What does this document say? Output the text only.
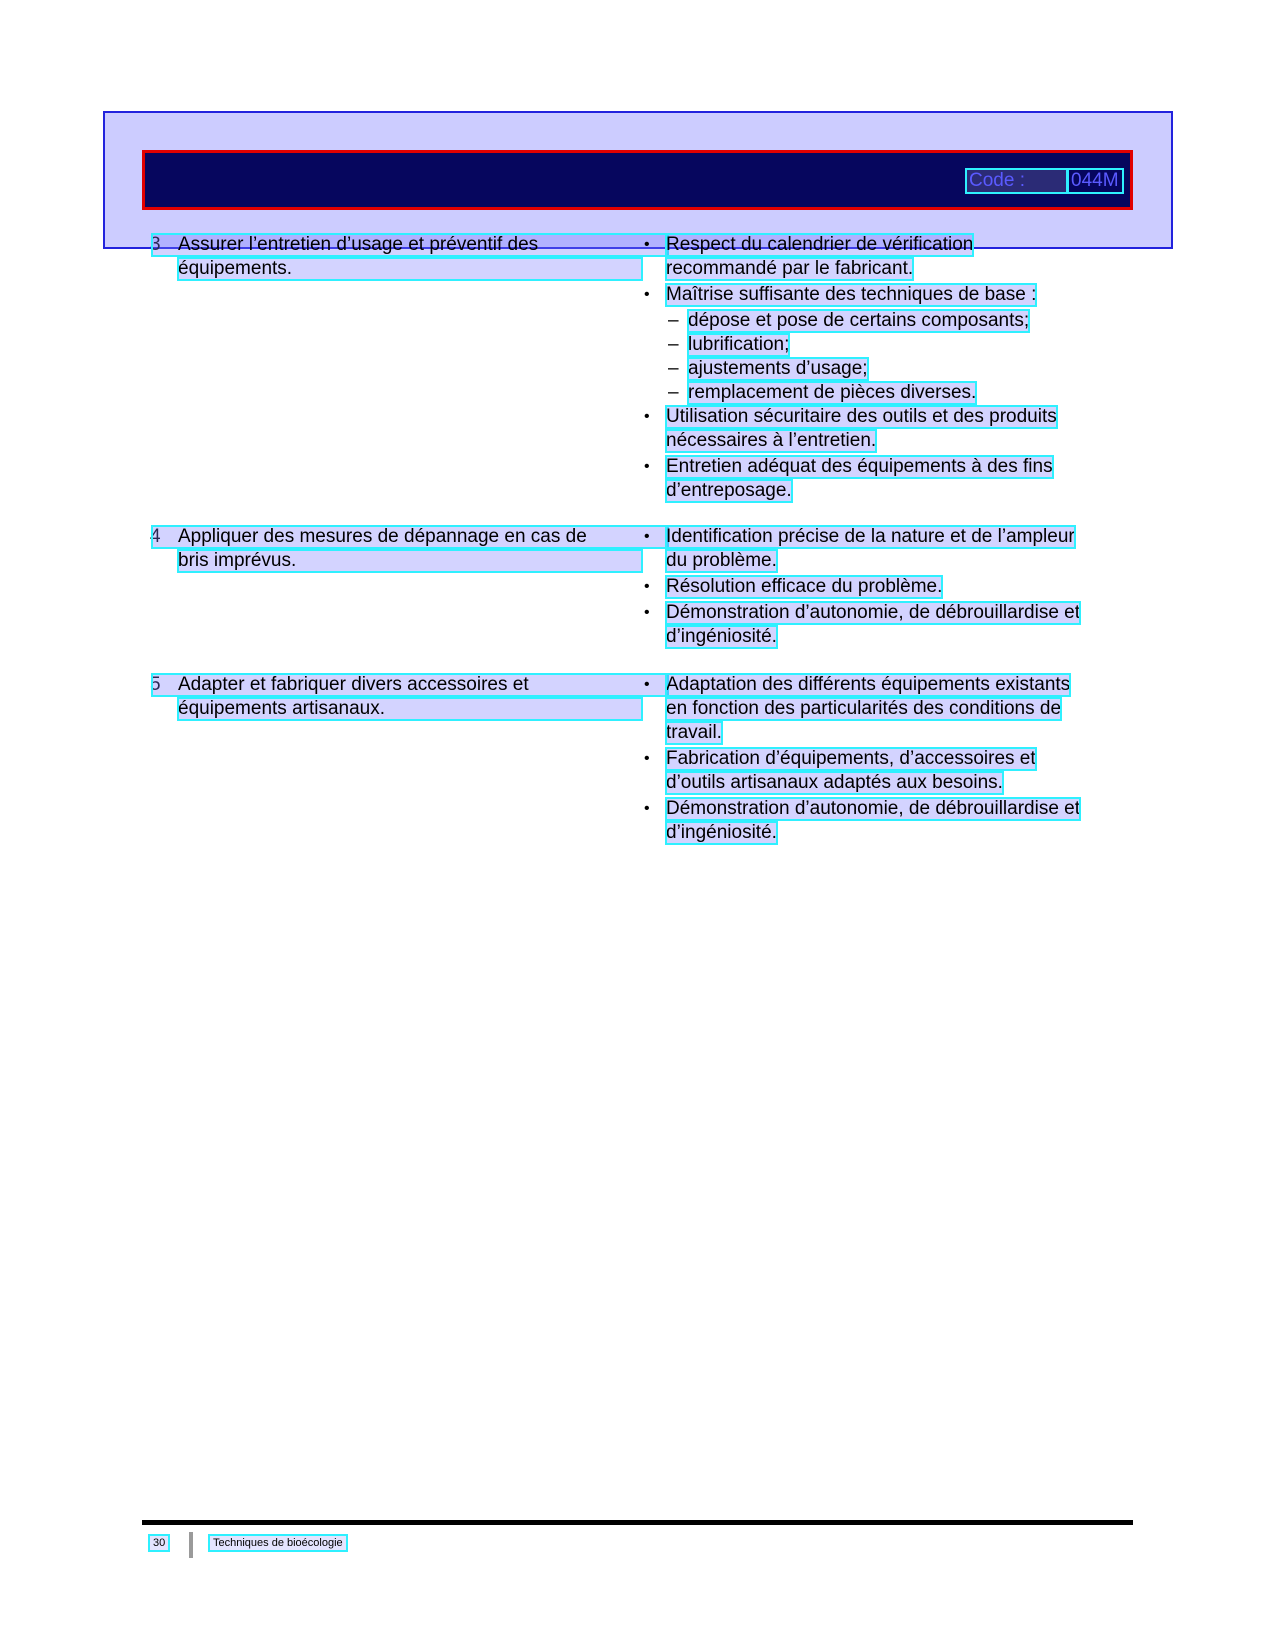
Code :	044M
3 Assurer l’entretien d’usage et préventif des
équipements.
• Respect du calendrier de vérification
recommandé par le fabricant.
• Maîtrise suffisante des techniques de base :
– dépose et pose de certains composants;
– lubrification;
– ajustements d’usage;
– remplacement de pièces diverses.
• Utilisation sécuritaire des outils et des produits
nécessaires à l’entretien.
• Entretien adéquat des équipements à des fins
d’entreposage.
4 Appliquer des mesures de dépannage en cas de
bris imprévus.
• Identification précise de la nature et de l’ampleur
du problème.
• Résolution efficace du problème.
• Démonstration d’autonomie, de débrouillardise et
d’ingéniosité.
5 Adapter et fabriquer divers accessoires et
équipements artisanaux.
• Adaptation des différents équipements existants
en fonction des particularités des conditions de
travail.
• Fabrication d’équipements, d’accessoires et
d’outils artisanaux adaptés aux besoins.
• Démonstration d’autonomie, de débrouillardise et
d’ingéniosité.
30	Techniques de bioécologie
